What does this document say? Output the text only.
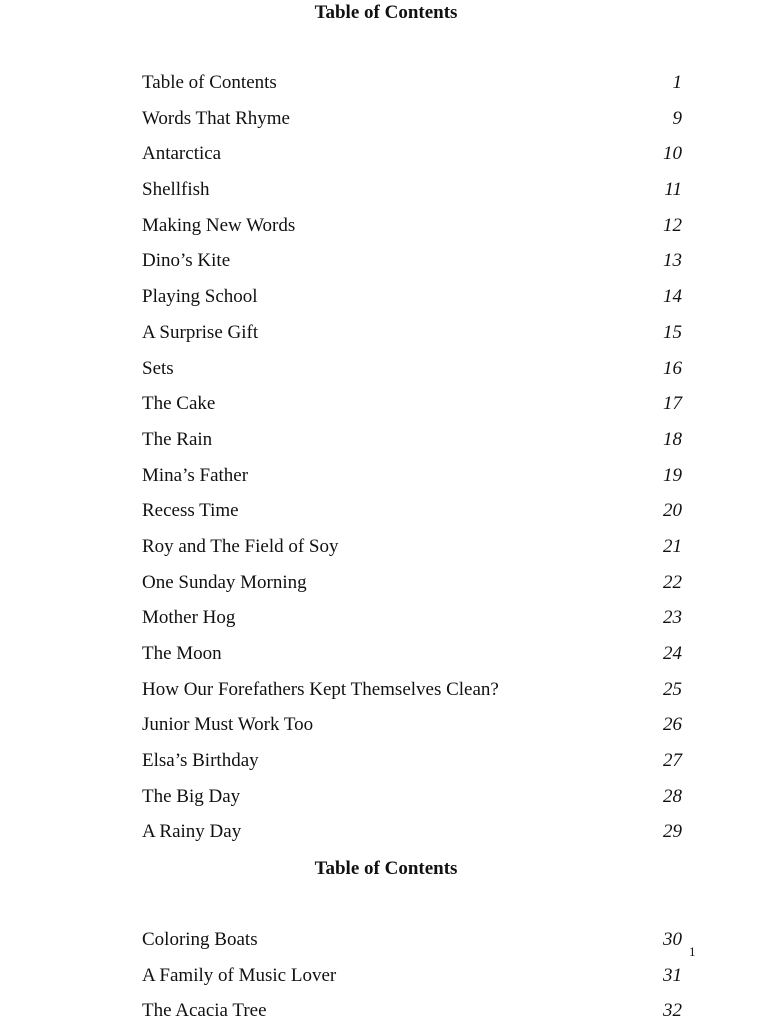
Table of Contents
Table of Contents	1
Words That Rhyme	9
Antarctica	10
Shellfish	11
Making New Words	12
Dino’s Kite	13
Playing School	14
A Surprise Gift	15
Sets	16
The Cake	17
The Rain	18
Mina’s Father	19
Recess Time	20
Roy and The Field of Soy	21
One Sunday Morning	22
Mother Hog	23
The Moon	24
How Our Forefathers Kept Themselves Clean?	25
Junior Must Work Too	26
Elsa’s Birthday	27
The Big Day	28
A Rainy Day	29
Table of Contents
Coloring Boats	30
A Family of Music Lover	31
The Acacia Tree	32
1
